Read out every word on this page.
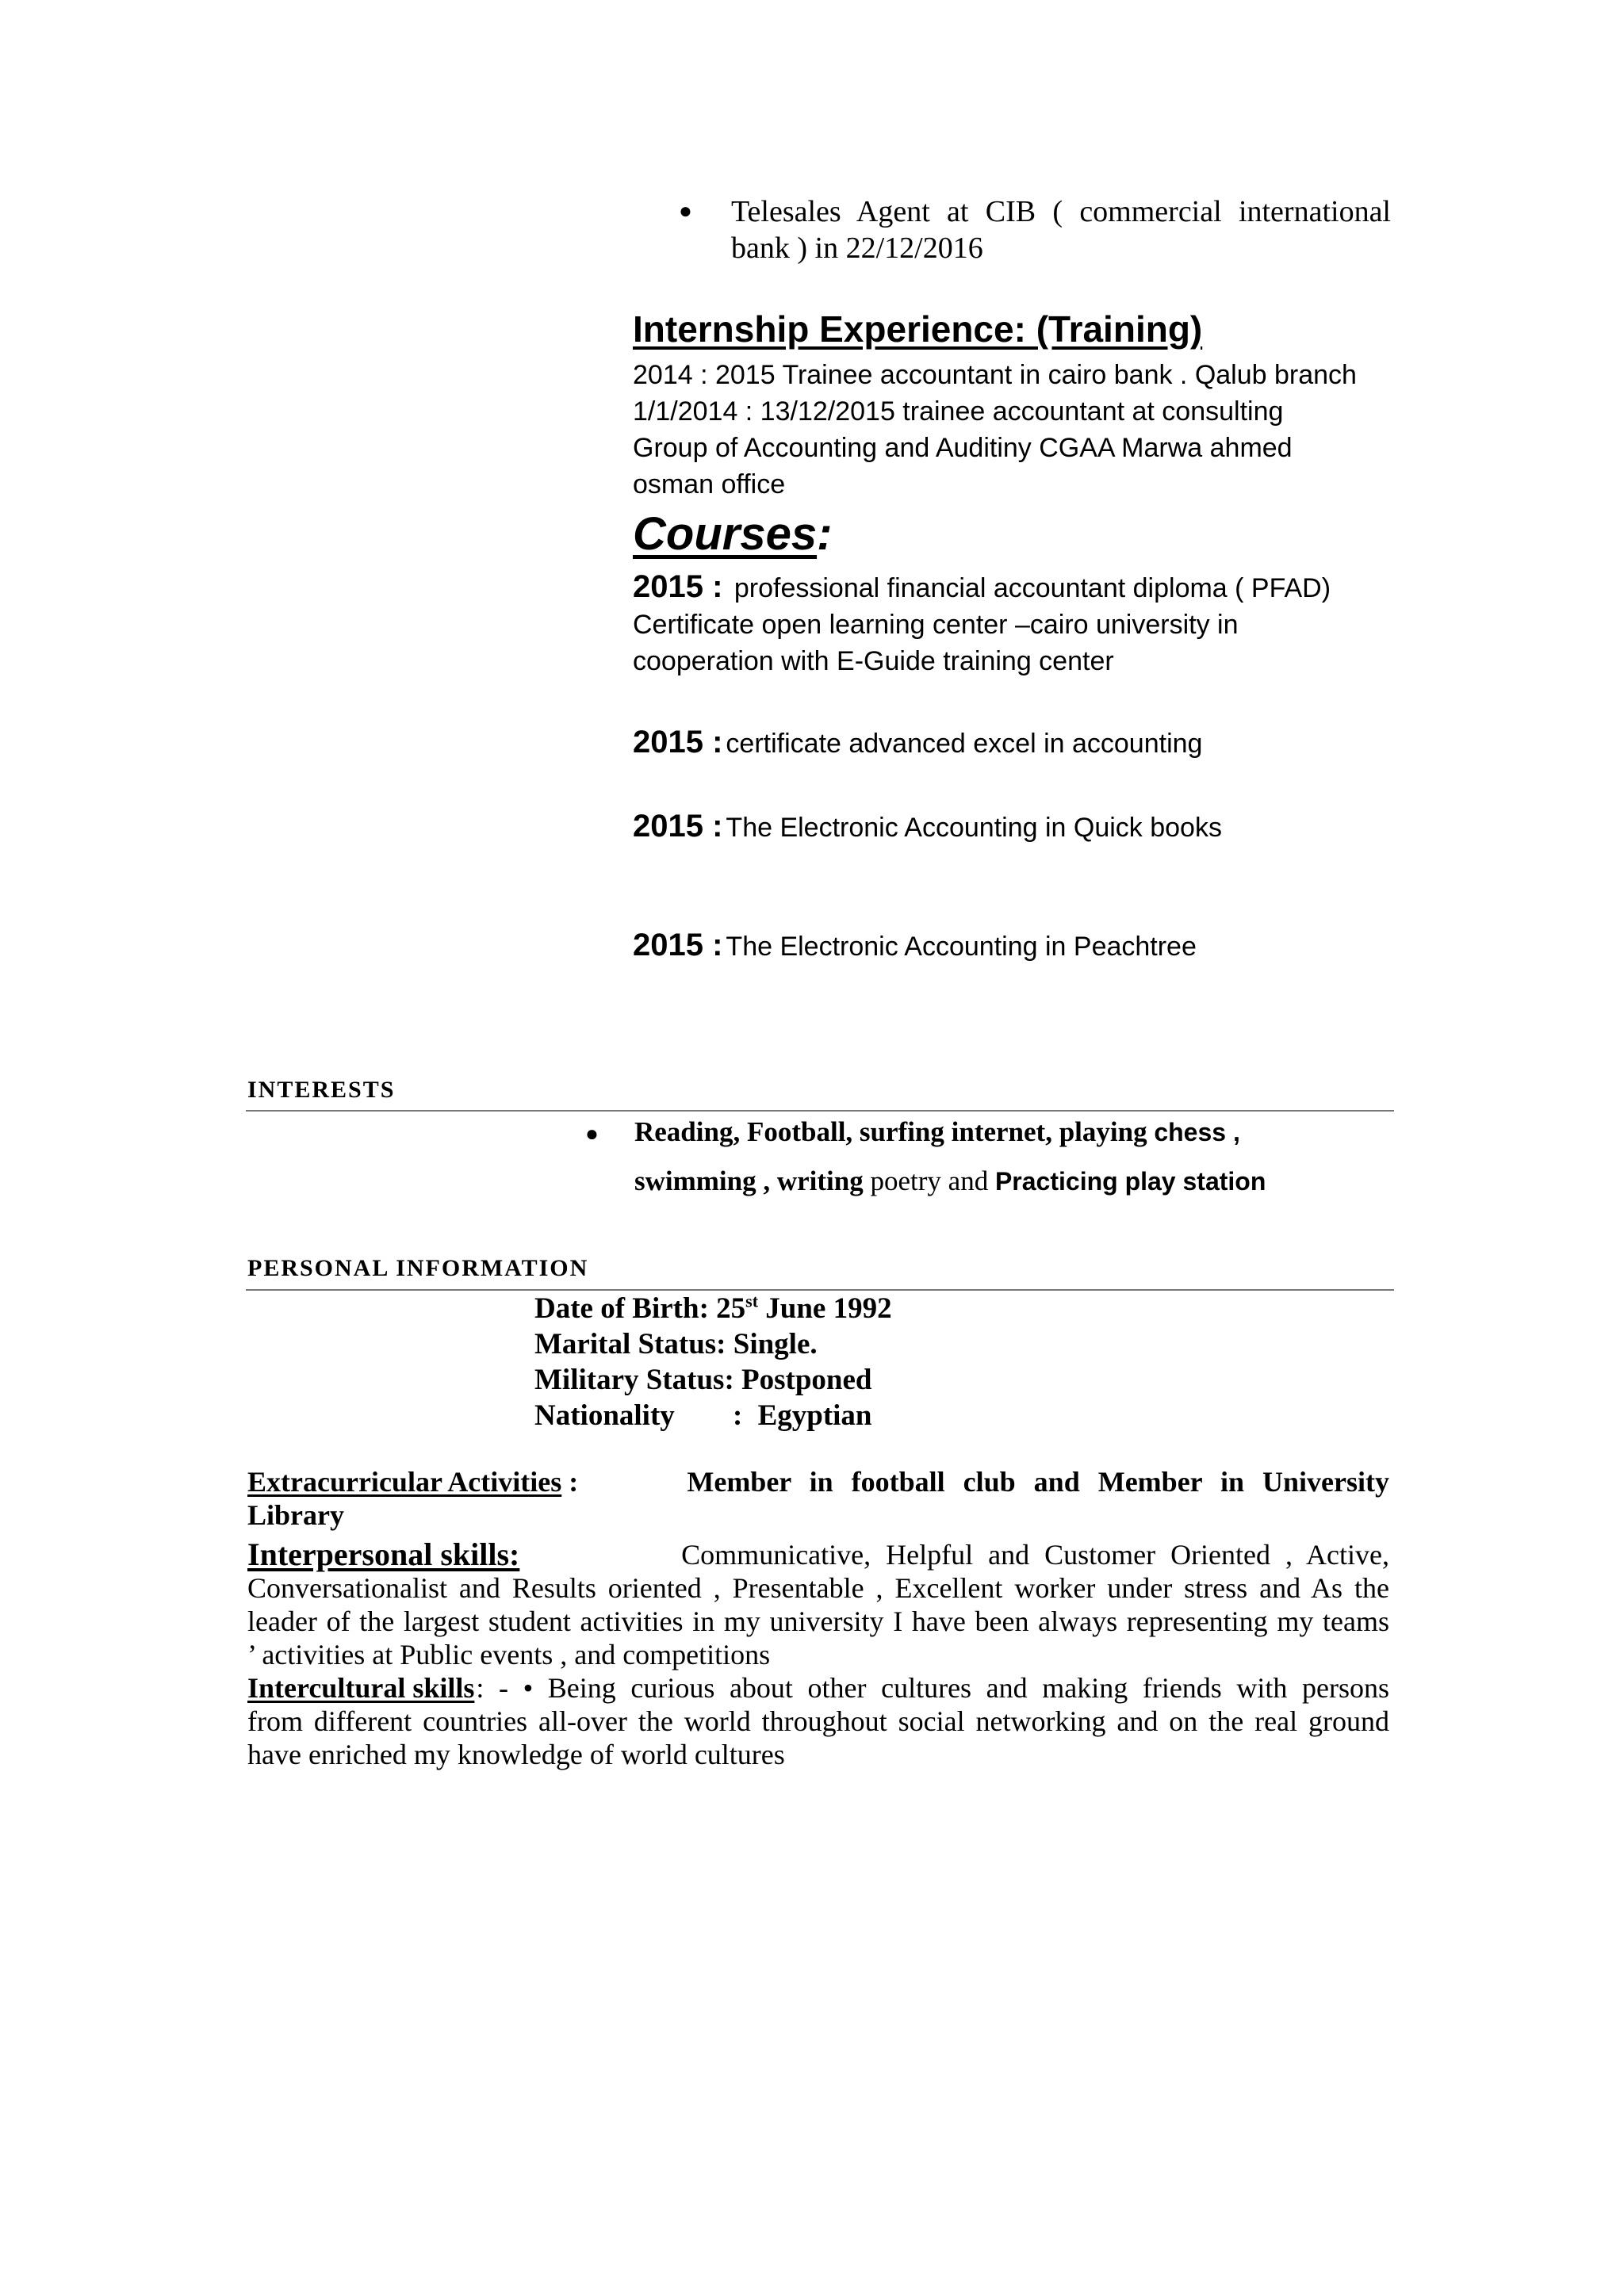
● Telesales Agent at CIB ( commercial international
bank ) in 22/12/2016
Internship Experience: (Training)
2014 : 2015 Trainee accountant in cairo bank . Qalub branch
1/1/2014 : 13/12/2015 trainee accountant at consulting
Group of Accounting and Auditiny CGAA Marwa ahmed
osman office
Courses:
2015 : professional financial accountant diploma ( PFAD)
Certificate open learning center –cairo university in
cooperation with E-Guide training center
2015 : certificate advanced excel in accounting
2015 : The Electronic Accounting in Quick books
2015 : The Electronic Accounting in Peachtree
INTERESTS
● Reading, Football, surfing internet, playing chess ,
swimming , writing poetry and Practicing play station
PERSONAL INFORMATION
Date of Birth: 25st June 1992
Marital Status: Single.
Military Status: Postponed
Nationality : Egyptian
Extracurricular Activities :	Member in football club and Member in University
Library
Interpersonal skills:	Communicative, Helpful and Customer Oriented , Active,
Conversationalist and Results oriented , Presentable , Excellent worker under stress and As the
leader of the largest student activities in my university I have been always representing my teams
’ activities at Public events , and competitions
Intercultural skills : - • Being curious about other cultures and making friends with persons
from different countries all-over the world throughout social networking and on the real ground
have enriched my knowledge of world cultures
